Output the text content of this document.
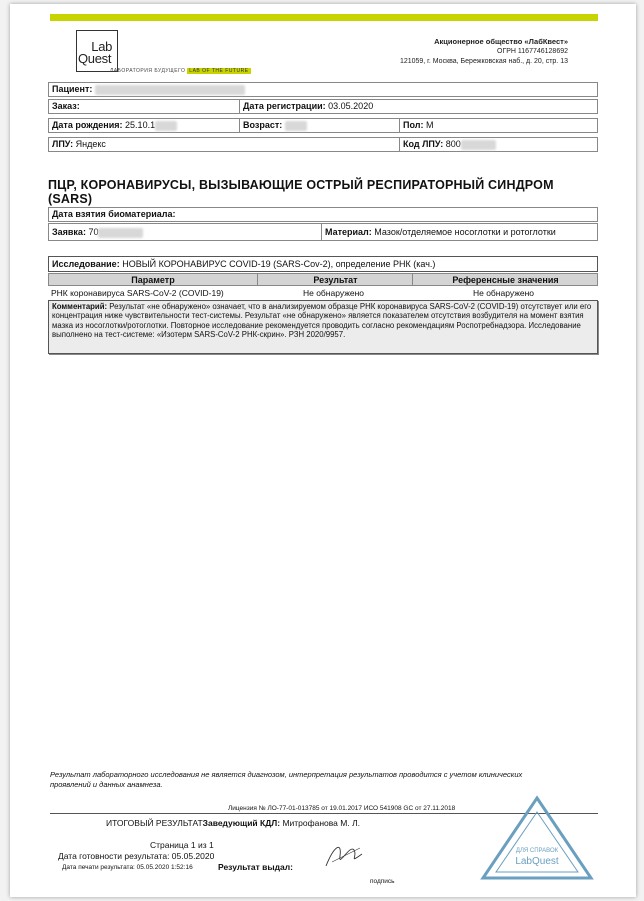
Lab
Quest

ЛАБОРАТОРИЯ БУДУЩЕГО LAB OF THE FUTURE
Акционерное общество «ЛабКвест»
ОГРН 1167746128692
121059, г. Москва, Бережковская наб., д. 20, стр. 13
Пациент:
Заказ:	Дата регистрации: 03.05.2020
Дата рождения: 25.10.1	Возраст:	Пол: М
ЛПУ: Яндекс	Код ЛПУ: 800
ПЦР, КОРОНАВИРУСЫ, ВЫЗЫВАЮЩИЕ ОСТРЫЙ РЕСПИРАТОРНЫЙ СИНДРОМ (SARS)
Дата взятия биоматериала:
Заявка: 70	Материал: Мазок/отделяемое носоглотки и ротоглотки
Исследование: НОВЫЙ КОРОНАВИРУС COVID-19 (SARS-Cov-2), определение РНК (кач.)
Параметр	Результат	Референсные значения
РНК коронавируса SARS-CoV-2 (COVID-19)	Не обнаружено	Не обнаружено
Комментарий: Результат «не обнаружено» означает, что в анализируемом образце РНК коронавируса SARS-CoV-2 (COVID-19) отсутствует или его концентрация ниже чувствительности тест-системы. Результат «не обнаружено» является показателем отсутствия возбудителя на момент взятия мазка из носоглотки/ротоглотки. Повторное исследование рекомендуется проводить согласно рекомендациям Роспотребнадзора. Исследование выполнено на тест-системе: «Изотерм SARS-CoV-2 РНК-скрин». РЗН 2020/9957.
Результат лабораторного исследования не является диагнозом, интерпретация результатов проводится с учетом клинических проявлений и данных анамнеза.
Лицензия № ЛО-77-01-013785 от 19.01.2017 ИСО 541908 GC от 27.11.2018
ИТОГОВЫЙ РЕЗУЛЬТАТЗаведующий КДЛ: Митрофанова М. Л.
Страница 1 из 1
Дата готовности результата: 05.05.2020
Дата печати результата: 05.05.2020 1:52:16	Результат выдал:
подпись
ДЛЯ СПРАВОК
LabQuest
